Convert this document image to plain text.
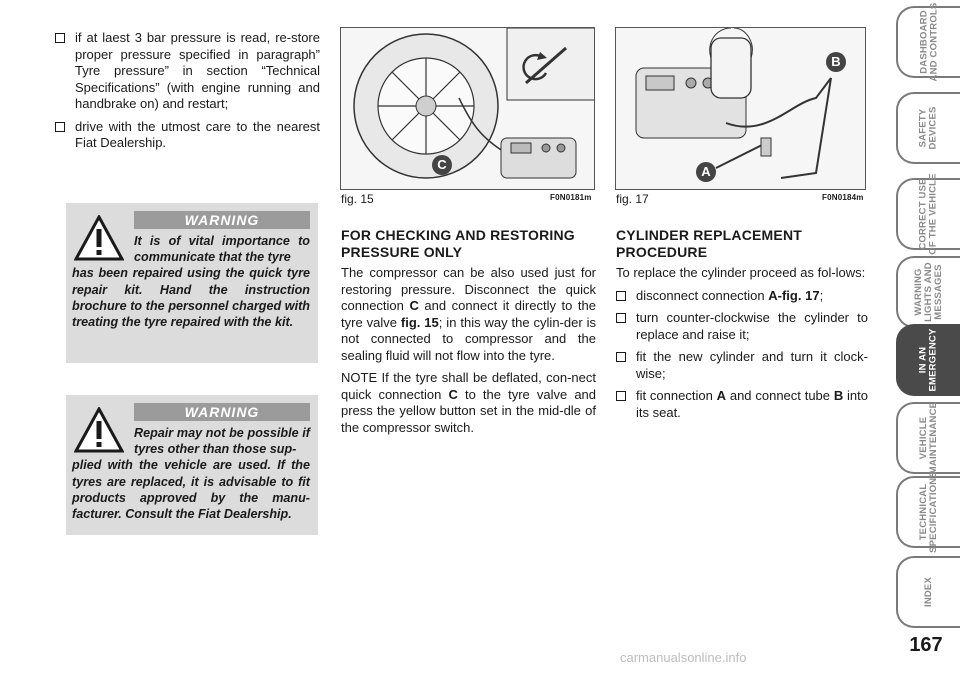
if at laest 3 bar pressure is read, re-store proper pressure specified in paragraph” Tyre pressure” in section “Technical Specifications” (with engine running and handbrake on) and restart;
drive with the utmost care to the nearest Fiat Dealership.
WARNING
It is of vital importance to communicate that the tyre
has been repaired using the quick tyre repair kit. Hand the instruction brochure to the personnel charged with treating the tyre repaired with the kit.
WARNING
Repair may not be possible if tyres other than those sup-
plied with the vehicle are used. If the tyres are replaced, it is advisable to fit products approved by the manu-facturer. Consult the Fiat Dealership.
C
fig. 15	F0N0181m
A
B
fig. 17	F0N0184m
FOR CHECKING AND RESTORING PRESSURE ONLY

The compressor can be also used just for restoring pressure. Disconnect the quick connection C and connect it directly to the tyre valve fig. 15; in this way the cylin-der is not connected to compressor and the sealing fluid will not flow into the tyre.

NOTE If the tyre shall be deflated, con-nect quick connection C to the tyre valve and press the yellow button set in the mid-dle of the compressor switch.

CYLINDER REPLACEMENT PROCEDURE

To replace the cylinder proceed as fol-lows:

disconnect connection A-fig. 17;
turn counter-clockwise the cylinder to replace and raise it;
fit the new cylinder and turn it clock-wise;
fit connection A and connect tube B into its seat.
DASHBOARD
AND CONTROLS
SAFETY
DEVICES
CORRECT USE
OF THE VEHICLE
WARNING
LIGHTS AND
MESSAGES
IN AN
EMERGENCY
VEHICLE
MAINTENANCE
TECHNICAL
SPECIFICATIONS
INDEX
167
carmanualsonline.info
